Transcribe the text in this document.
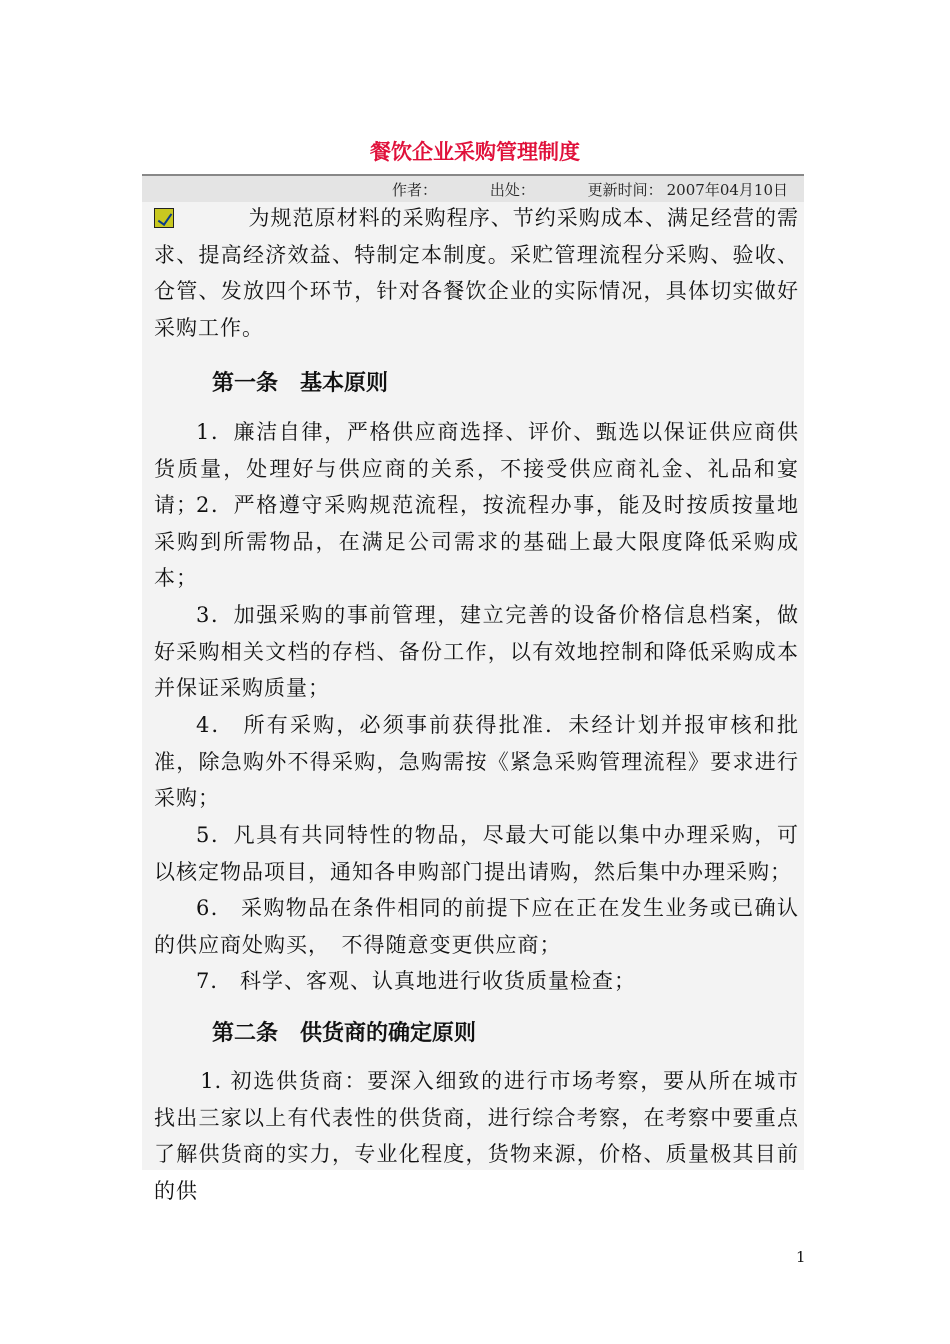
餐饮企业采购管理制度
作者：	出处：	更新时间： 2007年04月10日
为规范原材料的采购程序、节约采购成本、满足经营的需求、提高经济效益、特制定本制度。采贮管理流程分采购、验收、仓管、发放四个环节，针对各餐饮企业的实际情况，具体切实做好采购工作。
第一条　基本原则
1．廉洁自律，严格供应商选择、评价、甄选以保证供应商供货质量，处理好与供应商的关系，不接受供应商礼金、礼品和宴请；
2．严格遵守采购规范流程，按流程办事，能及时按质按量地采购到所需物品，在满足公司需求的基础上最大限度降低采购成本；
3．加强采购的事前管理，建立完善的设备价格信息档案，做好采购相关文档的存档、备份工作，以有效地控制和降低采购成本并保证采购质量；
4． 所有采购，必须事前获得批准．未经计划并报审核和批准，除急购外不得采购，急购需按《紧急采购管理流程》要求进行采购；
5．凡具有共同特性的物品，尽最大可能以集中办理采购，可以核定物品项目，通知各申购部门提出请购，然后集中办理采购；
6． 采购物品在条件相同的前提下应在正在发生业务或已确认的供应商处购买，　不得随意变更供应商；
7． 科学、客观、认真地进行收货质量检查；
第二条　供货商的确定原则
1. 初选供货商：要深入细致的进行市场考察，要从所在城市找出三家以上有代表性的供货商，进行综合考察，在考察中要重点了解供货商的实力，专业化程度，货物来源，价格、质量极其目前的供
1
